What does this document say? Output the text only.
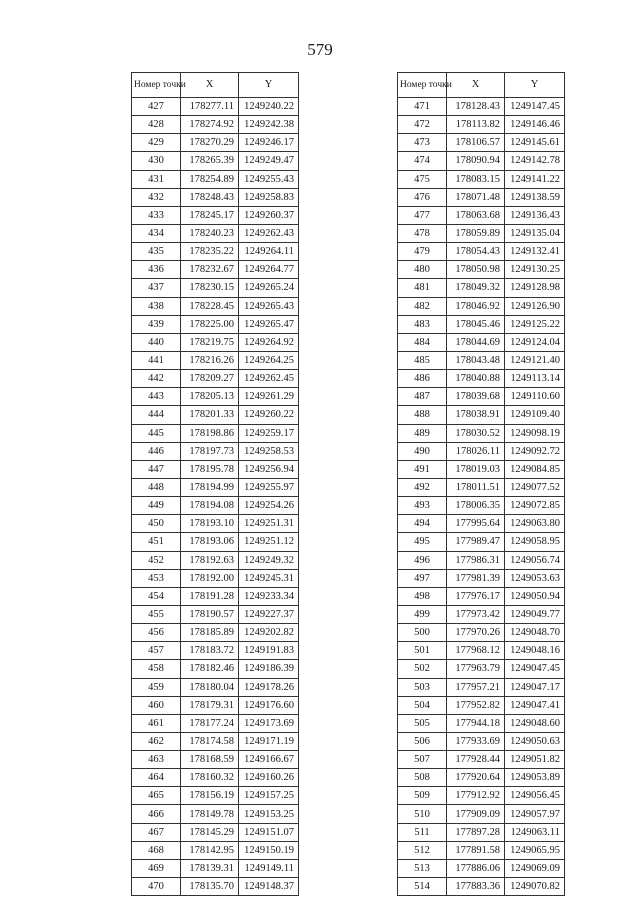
579
Номер точки	X	Y
427	178277.11	1249240.22
428	178274.92	1249242.38
429	178270.29	1249246.17
430	178265.39	1249249.47
431	178254.89	1249255.43
432	178248.43	1249258.83
433	178245.17	1249260.37
434	178240.23	1249262.43
435	178235.22	1249264.11
436	178232.67	1249264.77
437	178230.15	1249265.24
438	178228.45	1249265.43
439	178225.00	1249265.47
440	178219.75	1249264.92
441	178216.26	1249264.25
442	178209.27	1249262.45
443	178205.13	1249261.29
444	178201.33	1249260.22
445	178198.86	1249259.17
446	178197.73	1249258.53
447	178195.78	1249256.94
448	178194.99	1249255.97
449	178194.08	1249254.26
450	178193.10	1249251.31
451	178193.06	1249251.12
452	178192.63	1249249.32
453	178192.00	1249245.31
454	178191.28	1249233.34
455	178190.57	1249227.37
456	178185.89	1249202.82
457	178183.72	1249191.83
458	178182.46	1249186.39
459	178180.04	1249178.26
460	178179.31	1249176.60
461	178177.24	1249173.69
462	178174.58	1249171.19
463	178168.59	1249166.67
464	178160.32	1249160.26
465	178156.19	1249157.25
466	178149.78	1249153.25
467	178145.29	1249151.07
468	178142.95	1249150.19
469	178139.31	1249149.11
470	178135.70	1249148.37
Номер точки	X	Y
471	178128.43	1249147.45
472	178113.82	1249146.46
473	178106.57	1249145.61
474	178090.94	1249142.78
475	178083.15	1249141.22
476	178071.48	1249138.59
477	178063.68	1249136.43
478	178059.89	1249135.04
479	178054.43	1249132.41
480	178050.98	1249130.25
481	178049.32	1249128.98
482	178046.92	1249126.90
483	178045.46	1249125.22
484	178044.69	1249124.04
485	178043.48	1249121.40
486	178040.88	1249113.14
487	178039.68	1249110.60
488	178038.91	1249109.40
489	178030.52	1249098.19
490	178026.11	1249092.72
491	178019.03	1249084.85
492	178011.51	1249077.52
493	178006.35	1249072.85
494	177995.64	1249063.80
495	177989.47	1249058.95
496	177986.31	1249056.74
497	177981.39	1249053.63
498	177976.17	1249050.94
499	177973.42	1249049.77
500	177970.26	1249048.70
501	177968.12	1249048.16
502	177963.79	1249047.45
503	177957.21	1249047.17
504	177952.82	1249047.41
505	177944.18	1249048.60
506	177933.69	1249050.63
507	177928.44	1249051.82
508	177920.64	1249053.89
509	177912.92	1249056.45
510	177909.09	1249057.97
511	177897.28	1249063.11
512	177891.58	1249065.95
513	177886.06	1249069.09
514	177883.36	1249070.82
